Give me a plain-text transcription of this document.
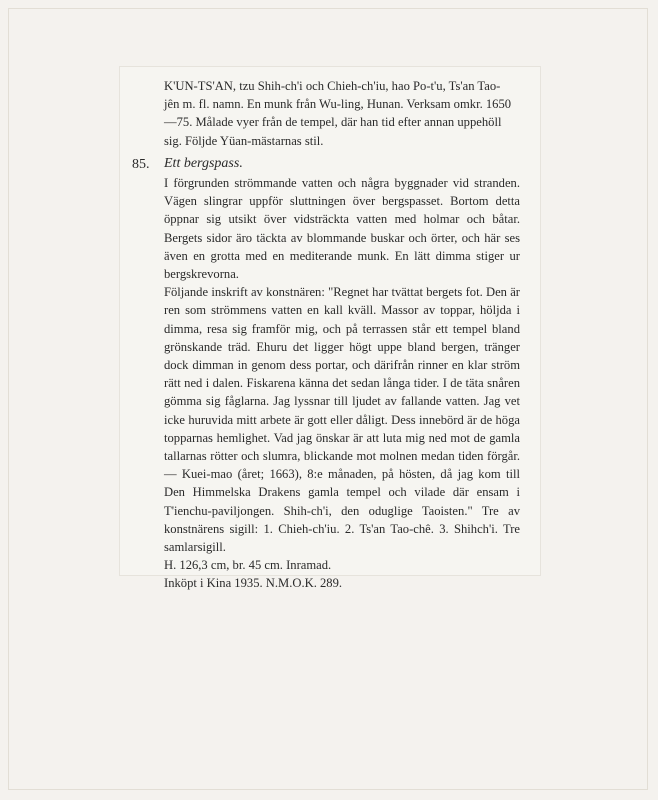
K'UN-TS'AN, tzu Shih-ch'i och Chieh-ch'iu, hao Po-t'u, Ts'an Tao-jên m. fl. namn. En munk från Wu-ling, Hunan. Verksam omkr. 1650—75. Målade vyer från de tempel, där han tid efter annan uppehöll sig. Följde Yüan-mästarnas stil.

85. Ett bergspass.

I förgrunden strömmande vatten och några byggnader vid stranden. Vägen slingrar uppför sluttningen över bergspasset. Bortom detta öppnar sig utsikt över vidsträckta vatten med holmar och båtar. Bergets sidor äro täckta av blommande buskar och örter, och här ses även en grotta med en mediterande munk. En lätt dimma stiger ur bergskrevorna.

Följande inskrift av konstnären: "Regnet har tvättat bergets fot. Den är ren som strömmens vatten en kall kväll. Massor av toppar, höljda i dimma, resa sig framför mig, och på terrassen står ett tempel bland grönskande träd. Ehuru det ligger högt uppe bland bergen, tränger dock dimman in genom dess portar, och därifrån rinner en klar ström rätt ned i dalen. Fiskarena känna det sedan långa tider. I de täta snåren gömma sig fåglarna. Jag lyssnar till ljudet av fallande vatten. Jag vet icke huruvida mitt arbete är gott eller dåligt. Dess innebörd är de höga topparnas hemlighet. Vad jag önskar är att luta mig ned mot de gamla tallarnas rötter och slumra, blickande mot molnen medan tiden förgår. — Kuei-mao (året; 1663), 8:e månaden, på hösten, då jag kom till Den Himmelska Drakens gamla tempel och vilade där ensam i T'ienchu-paviljongen. Shih-ch'i, den oduglige Taoisten." Tre av konstnärens sigill: 1. Chieh-ch'iu. 2. Ts'an Tao-chê. 3. Shihch'i. Tre samlarsigill.

H. 126,3 cm, br. 45 cm. Inramad.

Inköpt i Kina 1935. N.M.O.K. 289.
